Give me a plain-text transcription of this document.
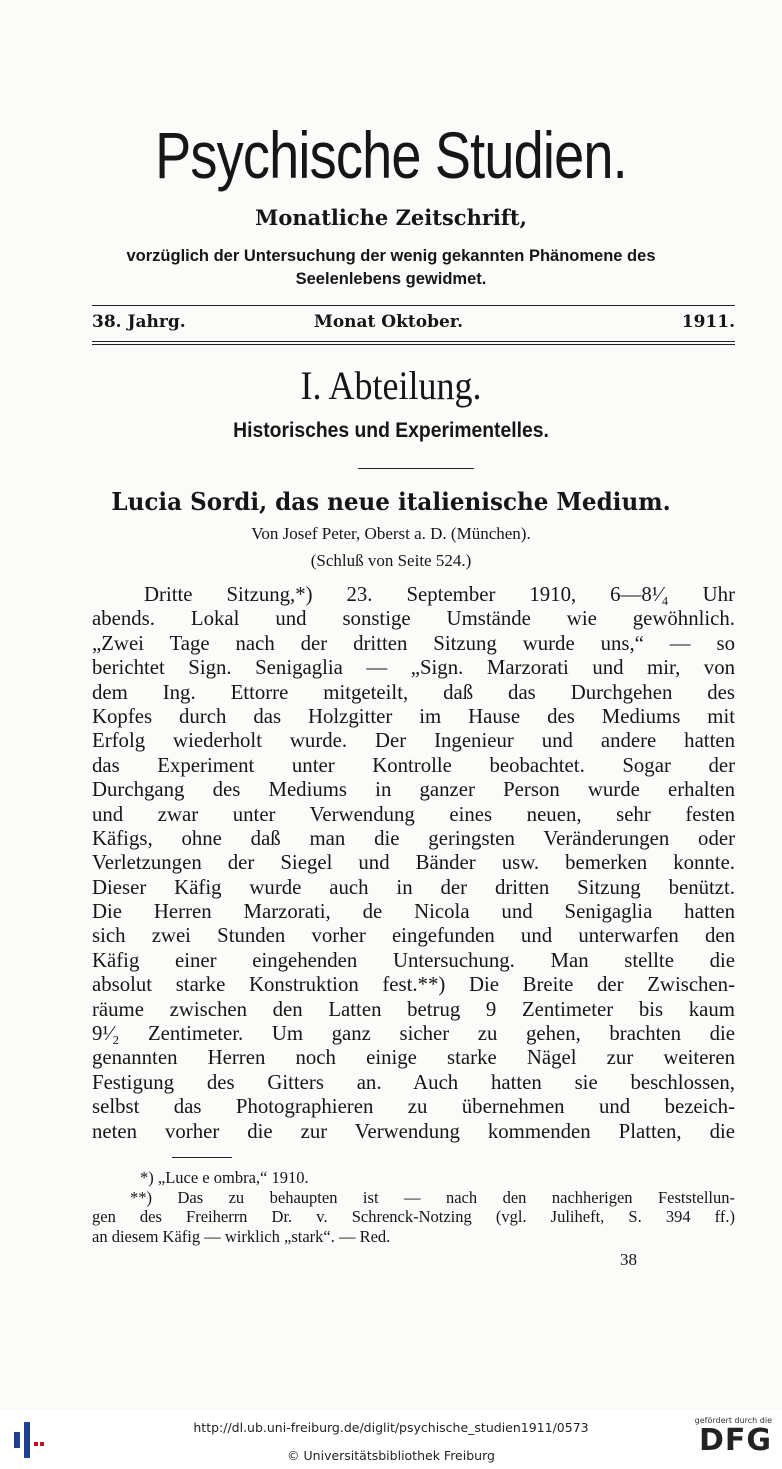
Psychische Studien.
Monatliche Zeitschrift,
vorzüglich der Untersuchung der wenig gekannten Phänomene des
Seelenlebens gewidmet.
38. Jahrg.	Monat Oktober.	1911.
I. Abteilung.
Historisches und Experimentelles.
Lucia Sordi, das neue italienische Medium.
Von Josef Peter, Oberst a. D. (München).
(Schluß von Seite 524.)
Dritte Sitzung,*) 23. September 1910, 6—8¹⁄₄ Uhr
abends. Lokal und sonstige Umstände wie gewöhnlich.
„Zwei Tage nach der dritten Sitzung wurde uns,“ — so
berichtet Sign. Senigaglia — „Sign. Marzorati und mir, von
dem Ing. Ettorre mitgeteilt, daß das Durchgehen des
Kopfes durch das Holzgitter im Hause des Mediums mit
Erfolg wiederholt wurde. Der Ingenieur und andere hatten
das Experiment unter Kontrolle beobachtet. Sogar der
Durchgang des Mediums in ganzer Person wurde erhalten
und zwar unter Verwendung eines neuen, sehr festen
Käfigs, ohne daß man die geringsten Veränderungen oder
Verletzungen der Siegel und Bänder usw. bemerken konnte.
Dieser Käfig wurde auch in der dritten Sitzung benützt.
Die Herren Marzorati, de Nicola und Senigaglia hatten
sich zwei Stunden vorher eingefunden und unterwarfen den
Käfig einer eingehenden Untersuchung. Man stellte die
absolut starke Konstruktion fest.**) Die Breite der Zwischen-
räume zwischen den Latten betrug 9 Zentimeter bis kaum
9¹⁄₂ Zentimeter. Um ganz sicher zu gehen, brachten die
genannten Herren noch einige starke Nägel zur weiteren
Festigung des Gitters an. Auch hatten sie beschlossen,
selbst das Photographieren zu übernehmen und bezeich-
neten vorher die zur Verwendung kommenden Platten, die
*) „Luce e ombra,“ 1910.
**) Das zu behaupten ist — nach den nachherigen Feststellun-
gen des Freiherrn Dr. v. Schrenck-Notzing (vgl. Juliheft, S. 394 ff.)
an diesem Käfig — wirklich „stark“. — Red.
38
http://dl.ub.uni-freiburg.de/diglit/psychische_studien1911/0573
© Universitätsbibliothek Freiburg
gefördert durch die
DFG
